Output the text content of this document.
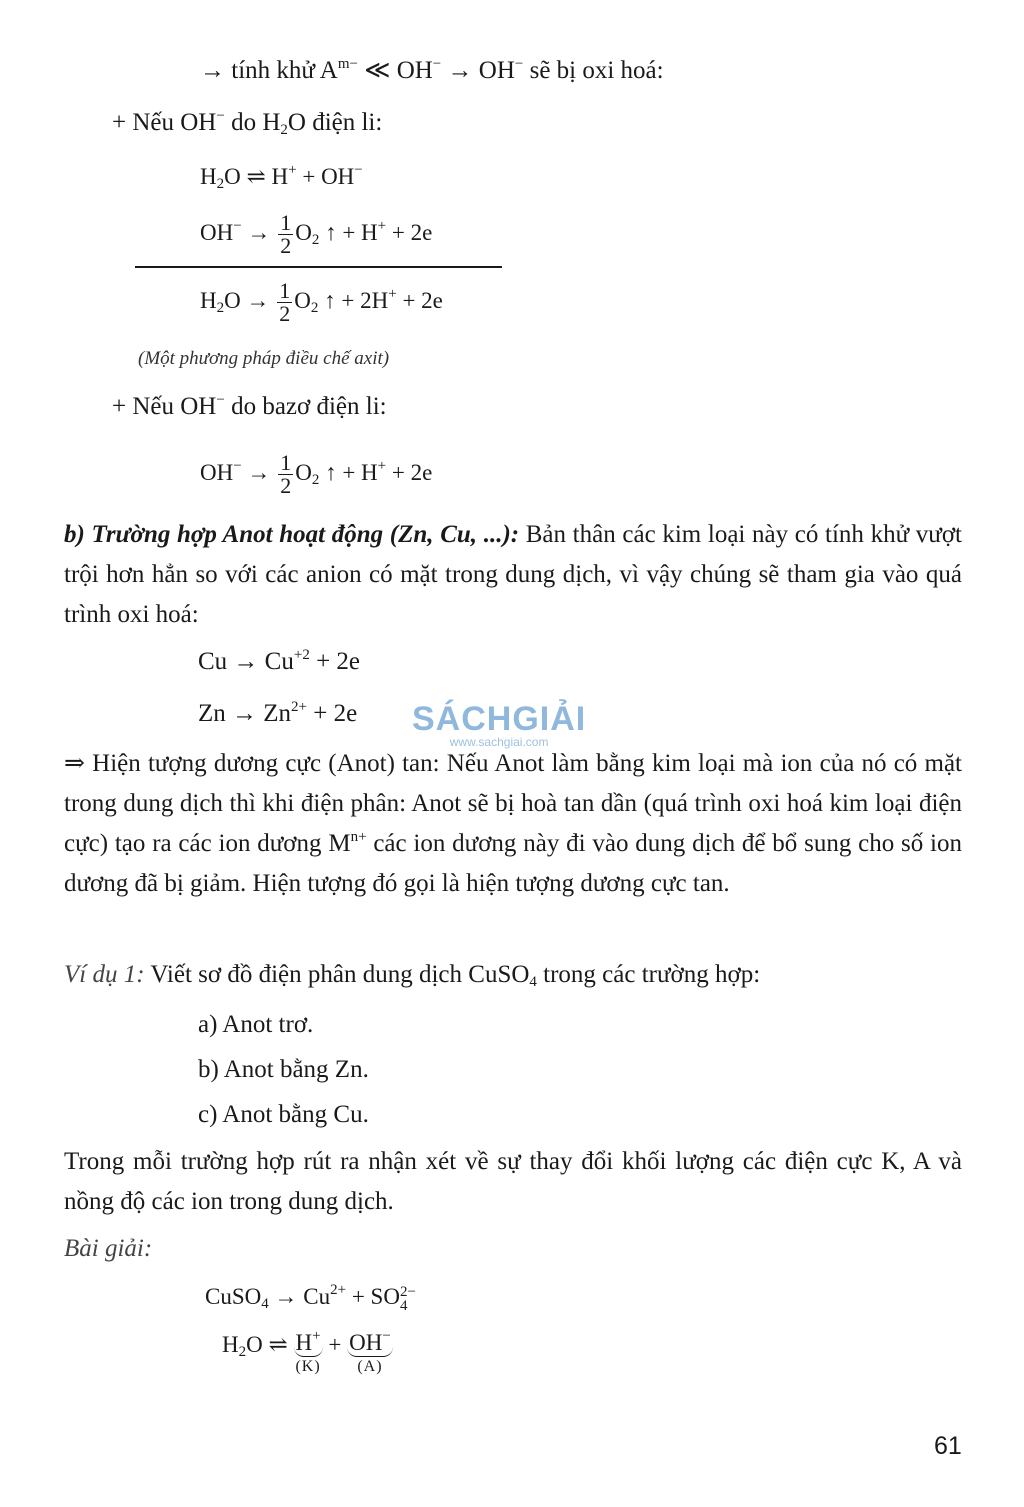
→ tính khử $A^{m-}$ ≪ OH− → OH− sẽ bị oxi hoá:
+ Nếu OH− do $H_2O$ điện li:
$H_2O$ ⇌ H+ + OH−
$OH^- \to \frac{1}{2} O_2$ ↑ + H+ + 2e
$H_2O \to \frac{1}{2} O_2$ ↑ + 2H+ + 2e
(Một phương pháp điều chế axit)
+ Nếu OH− do bazơ điện li:
$OH^- \to \frac{1}{2} O_2$ ↑ + H+ + 2e
b) Trường hợp Anot hoạt động (Zn, Cu, ...): Bản thân các kim loại này có tính khử vượt trội hơn hẳn so với các anion có mặt trong dung dịch, vì vậy chúng sẽ tham gia vào quá trình oxi hoá:
$Cu \to Cu^{+2} + 2e$
$Zn \to Zn^{2+} + 2e$ SÁCHGIẢI
www.sachgiai.com
⇒ Hiện tượng dương cực (Anot) tan: Nếu Anot làm bằng kim loại mà ion của nó có mặt trong dung dịch thì khi điện phân: Anot sẽ bị hoà tan dần (quá trình oxi hoá kim loại điện cực) tạo ra các ion dương $M^{n+}$ các ion dương này đi vào dung dịch để bổ sung cho số ion dương đã bị giảm. Hiện tượng đó gọi là hiện tượng dương cực tan.
Ví dụ 1: Viết sơ đồ điện phân dung dịch CuSO$_4$ trong các trường hợp:
a) Anot trơ.
b) Anot bằng Zn.
c) Anot bằng Cu.
Trong mỗi trường hợp rút ra nhận xét về sự thay đổi khối lượng các điện cực K, A và nồng độ các ion trong dung dịch.
Bài giải:
CuSO$_4$ → $Cu^{2+}$ + SO 2−
4
$H_2O$ ⇌ H+
(K)
+ OH−
(A)
61
